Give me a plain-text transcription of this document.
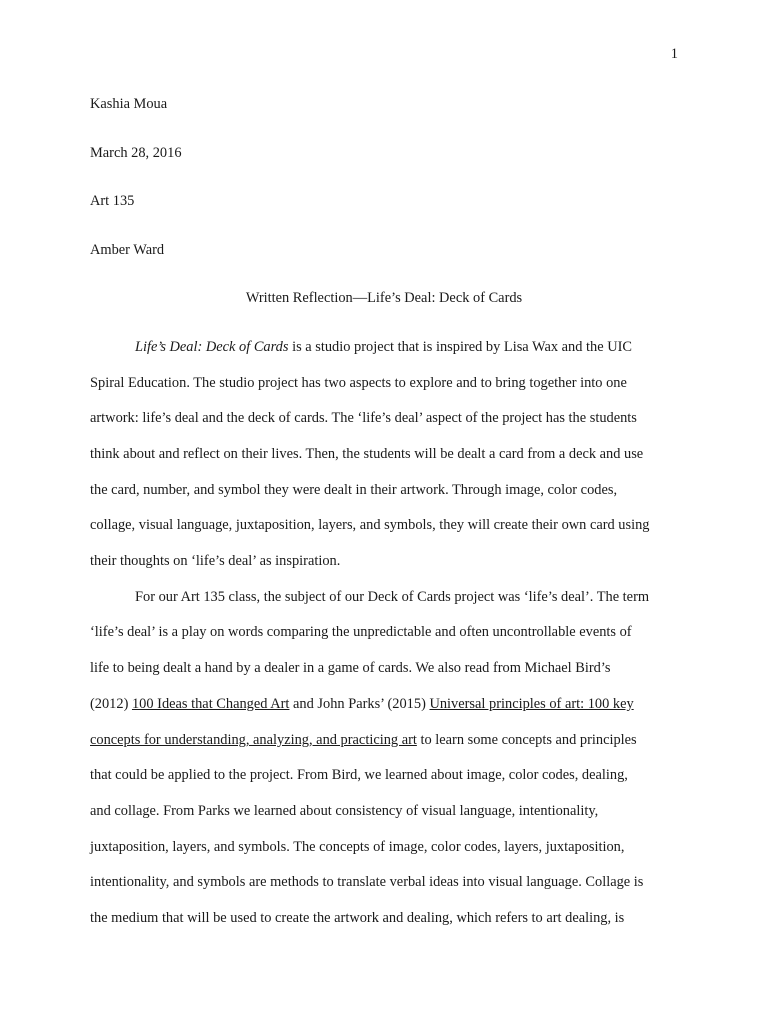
1
Kashia Moua
March 28, 2016
Art 135
Amber Ward
Written Reflection—Life’s Deal: Deck of Cards
Life’s Deal: Deck of Cards is a studio project that is inspired by Lisa Wax and the UIC
Spiral Education. The studio project has two aspects to explore and to bring together into one
artwork: life’s deal and the deck of cards. The ‘life’s deal’ aspect of the project has the students
think about and reflect on their lives. Then, the students will be dealt a card from a deck and use
the card, number, and symbol they were dealt in their artwork. Through image, color codes,
collage, visual language, juxtaposition, layers, and symbols, they will create their own card using
their thoughts on ‘life’s deal’ as inspiration.
For our Art 135 class, the subject of our Deck of Cards project was ‘life’s deal’. The term
‘life’s deal’ is a play on words comparing the unpredictable and often uncontrollable events of
life to being dealt a hand by a dealer in a game of cards. We also read from Michael Bird’s
(2012) 100 Ideas that Changed Art and John Parks’ (2015) Universal principles of art: 100 key
concepts for understanding, analyzing, and practicing art to learn some concepts and principles
that could be applied to the project. From Bird, we learned about image, color codes, dealing,
and collage. From Parks we learned about consistency of visual language, intentionality,
juxtaposition, layers, and symbols. The concepts of image, color codes, layers, juxtaposition,
intentionality, and symbols are methods to translate verbal ideas into visual language. Collage is
the medium that will be used to create the artwork and dealing, which refers to art dealing, is
